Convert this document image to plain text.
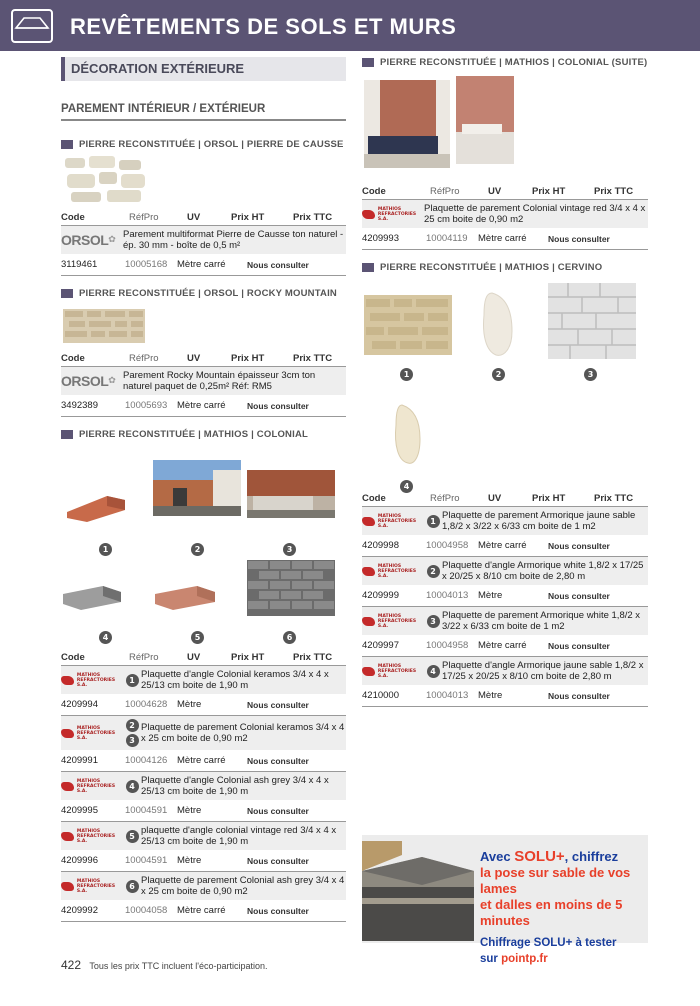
REVÊTEMENTS DE SOLS ET MURS
DÉCORATION EXTÉRIEURE
PAREMENT INTÉRIEUR / EXTÉRIEUR
PIERRE RECONSTITUÉE | ORSOL | PIERRE DE CAUSSE
Code	RéfPro	UV	Prix HT	Prix TTC
ORSOL ✿
Parement multiformat Pierre de Causse ton naturel - ép. 30 mm - boîte de 0,5 m²
3119461	10005168	Mètre carré	Nous consulter
PIERRE RECONSTITUÉE | ORSOL | ROCKY MOUNTAIN
Code	RéfPro	UV	Prix HT	Prix TTC
ORSOL ✿
Parement Rocky Mountain épaisseur 3cm ton naturel paquet de 0,25m² Réf: RM5
3492389	10005693	Mètre carré	Nous consulter
PIERRE RECONSTITUÉE | MATHIOS | COLONIAL
1	2	3
4	5	6
Code	RéfPro	UV	Prix HT	Prix TTC
MATHIOS
REFRACTORIES S.A.
1
Plaquette d'angle Colonial keramos 3/4 x 4 x 25/13 cm boite de 1,90 m
4209994	10004628	Mètre	Nous consulter
MATHIOS
REFRACTORIES S.A.
2
3
Plaquette de parement Colonial keramos 3/4 x 4 x 25 cm boite de 0,90 m2
4209991	10004126	Mètre carré	Nous consulter
MATHIOS
REFRACTORIES S.A.
4
Plaquette d'angle Colonial ash grey 3/4 x 4 x 25/13 cm boite de 1,90 m
4209995	10004591	Mètre	Nous consulter
MATHIOS
REFRACTORIES S.A.
5
plaquette d'angle colonial vintage red 3/4 x 4 x 25/13 cm boite de 1,90 m
4209996	10004591	Mètre	Nous consulter
MATHIOS
REFRACTORIES S.A.
6
Plaquette de parement Colonial ash grey 3/4 x 4 x 25 cm boite de 0,90 m2
4209992	10004058	Mètre carré	Nous consulter
PIERRE RECONSTITUÉE | MATHIOS | COLONIAL (SUITE)
Code	RéfPro	UV	Prix HT	Prix TTC
MATHIOS
REFRACTORIES S.A.
Plaquette de parement Colonial vintage red 3/4 x 4 x 25 cm boite de 0,90 m2
4209993	10004119	Mètre carré	Nous consulter
PIERRE RECONSTITUÉE | MATHIOS | CERVINO
1	2	3
4
Code	RéfPro	UV	Prix HT	Prix TTC
MATHIOS
REFRACTORIES S.A.
1
Plaquette de parement Armorique jaune sable 1,8/2 x 3/22 x 6/33 cm boite de 1 m2
4209998	10004958	Mètre carré	Nous consulter
MATHIOS
REFRACTORIES S.A.
2
Plaquette d'angle Armorique white 1,8/2 x 17/25 x 20/25 x 8/10 cm boite de 2,80 m
4209999	10004013	Mètre	Nous consulter
MATHIOS
REFRACTORIES S.A.
3
Plaquette de parement Armorique white 1,8/2 x 3/22 x 6/33 cm boite de 1 m2
4209997	10004958	Mètre carré	Nous consulter
MATHIOS
REFRACTORIES S.A.
4
Plaquette d'angle Armorique jaune sable 1,8/2 x 17/25 x 20/25 x 8/10 cm boite de 2,80 m
4210000	10004013	Mètre	Nous consulter
Avec SOLU+, chiffrez
la pose sur sable de vos lames
et dalles en moins de 5 minutes
Chiffrage SOLU+ à tester
sur pointp.fr
422 Tous les prix TTC incluent l'éco-participation.
